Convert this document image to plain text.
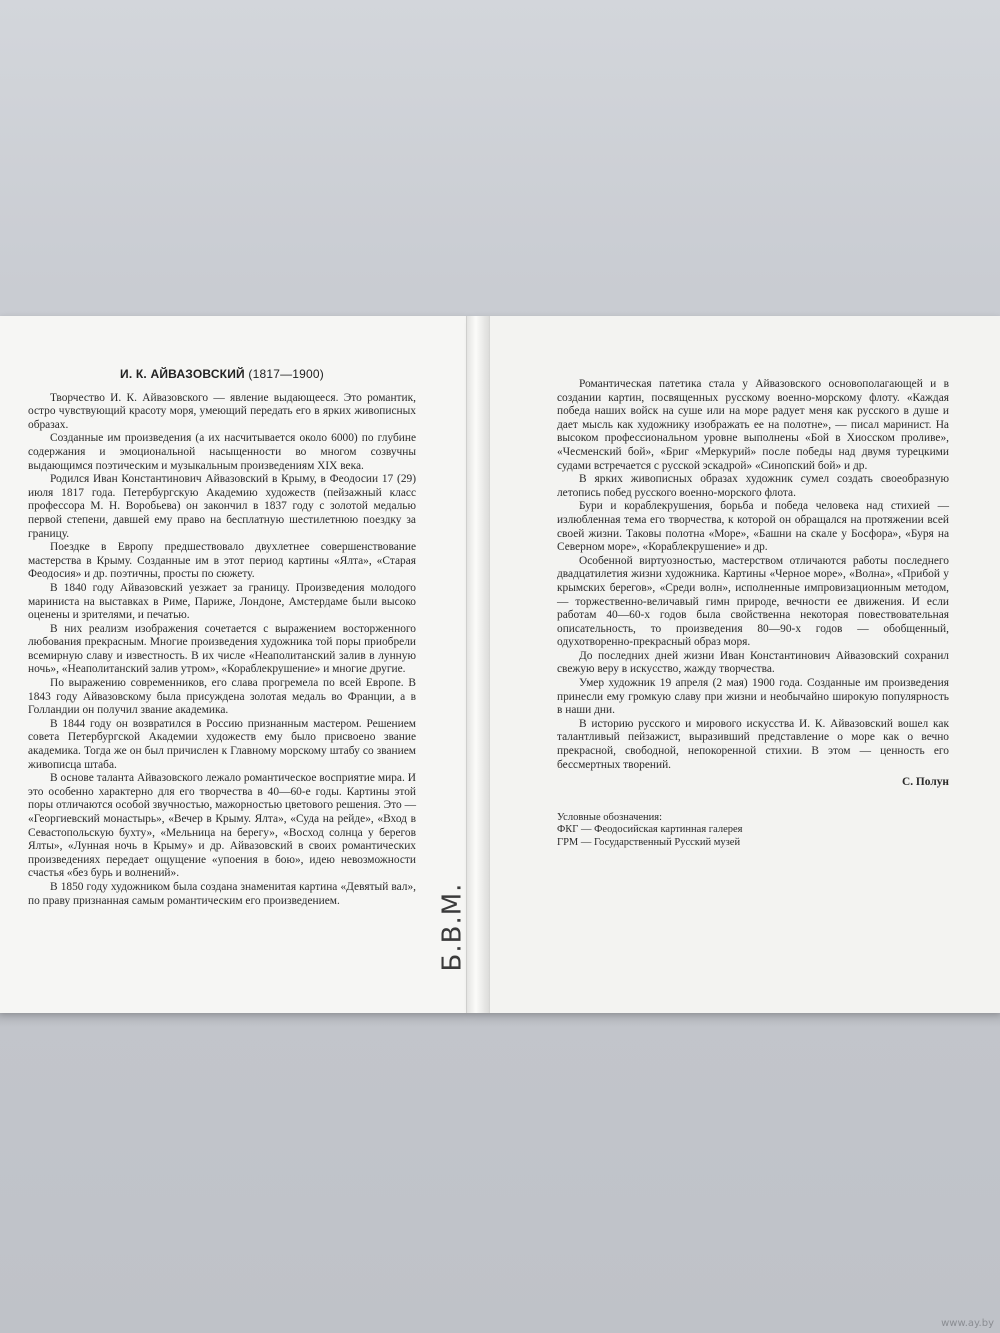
И. К. АЙВАЗОВСКИЙ (1817—1900)

Творчество И. К. Айвазовского — явление выдающееся. Это романтик, остро чувствующий красоту моря, умеющий передать его в ярких живописных образах.

Созданные им произведения (а их насчитывается около 6000) по глубине содержания и эмоциональной насыщенности во многом созвучны выдающимся поэтическим и музыкальным произведениям XIX века.

Родился Иван Константинович Айвазовский в Крыму, в Феодосии 17 (29) июля 1817 года. Петербургскую Академию художеств (пейзажный класс профессора М. Н. Воробьева) он закончил в 1837 году с золотой медалью первой степени, давшей ему право на бесплатную шестилетнюю поездку за границу.

Поездке в Европу предшествовало двухлетнее совершенствование мастерства в Крыму. Созданные им в этот период картины «Ялта», «Старая Феодосия» и др. поэтичны, просты по сюжету.

В 1840 году Айвазовский уезжает за границу. Произведения молодого мариниста на выставках в Риме, Париже, Лондоне, Амстердаме были высоко оценены и зрителями, и печатью.

В них реализм изображения сочетается с выражением восторженного любования прекрасным. Многие произведения художника той поры приобрели всемирную славу и известность. В их числе «Неаполитанский залив в лунную ночь», «Неаполитанский залив утром», «Кораблекрушение» и многие другие.

По выражению современников, его слава прогремела по всей Европе. В 1843 году Айвазовскому была присуждена золотая медаль во Франции, а в Голландии он получил звание академика.

В 1844 году он возвратился в Россию признанным мастером. Решением совета Петербургской Академии художеств ему было присвоено звание академика. Тогда же он был причислен к Главному морскому штабу со званием живописца штаба.

В основе таланта Айвазовского лежало романтическое восприятие мира. И это особенно характерно для его творчества в 40—60-е годы. Картины этой поры отличаются особой звучностью, мажорностью цветового решения. Это — «Георгиевский монастырь», «Вечер в Крыму. Ялта», «Суда на рейде», «Вход в Севастопольскую бухту», «Мельница на берегу», «Восход солнца у берегов Ялты», «Лунная ночь в Крыму» и др. Айвазовский в своих романтических произведениях передает ощущение «упоения в бою», идею невозможности счастья «без бурь и волнений».

В 1850 году художником была создана знаменитая картина «Девятый вал», по праву признанная самым романтическим его произведением.	Б.В.М.

Романтическая патетика стала у Айвазовского основополагающей и в создании картин, посвященных русскому военно-морскому флоту. «Каждая победа наших войск на суше или на море радует меня как русского в душе и дает мысль как художнику изображать ее на полотне», — писал маринист. На высоком профессиональном уровне выполнены «Бой в Хиосском проливе», «Чесменский бой», «Бриг «Меркурий» после победы над двумя турецкими судами встречается с русской эскадрой» «Синопский бой» и др.

В ярких живописных образах художник сумел создать своеобразную летопись побед русского военно-морского флота.

Бури и кораблекрушения, борьба и победа человека над стихией — излюбленная тема его творчества, к которой он обращался на протяжении всей своей жизни. Таковы полотна «Море», «Башни на скале у Босфора», «Буря на Северном море», «Кораблекрушение» и др.

Особенной виртуозностью, мастерством отличаются работы последнего двадцатилетия жизни художника. Картины «Черное море», «Волна», «Прибой у крымских берегов», «Среди волн», исполненные импровизационным методом, — торжественно-величавый гимн природе, вечности ее движения. И если работам 40—60-х годов была свойственна некоторая повествовательная описательность, то произведения 80—90-х годов — обобщенный, одухотворенно-прекрасный образ моря.

До последних дней жизни Иван Константинович Айвазовский сохранил свежую веру в искусство, жажду творчества.

Умер художник 19 апреля (2 мая) 1900 года. Созданные им произведения принесли ему громкую славу при жизни и необычайно широкую популярность в наши дни.

В историю русского и мирового искусства И. К. Айвазовский вошел как талантливый пейзажист, выразивший представление о море как о вечно прекрасной, свободной, непокоренной стихии. В этом — ценность его бессмертных творений.

С. Полун

Условные обозначения:
ФКГ — Феодосийская картинная галерея
ГРМ — Государственный Русский музей
www.ay.by
